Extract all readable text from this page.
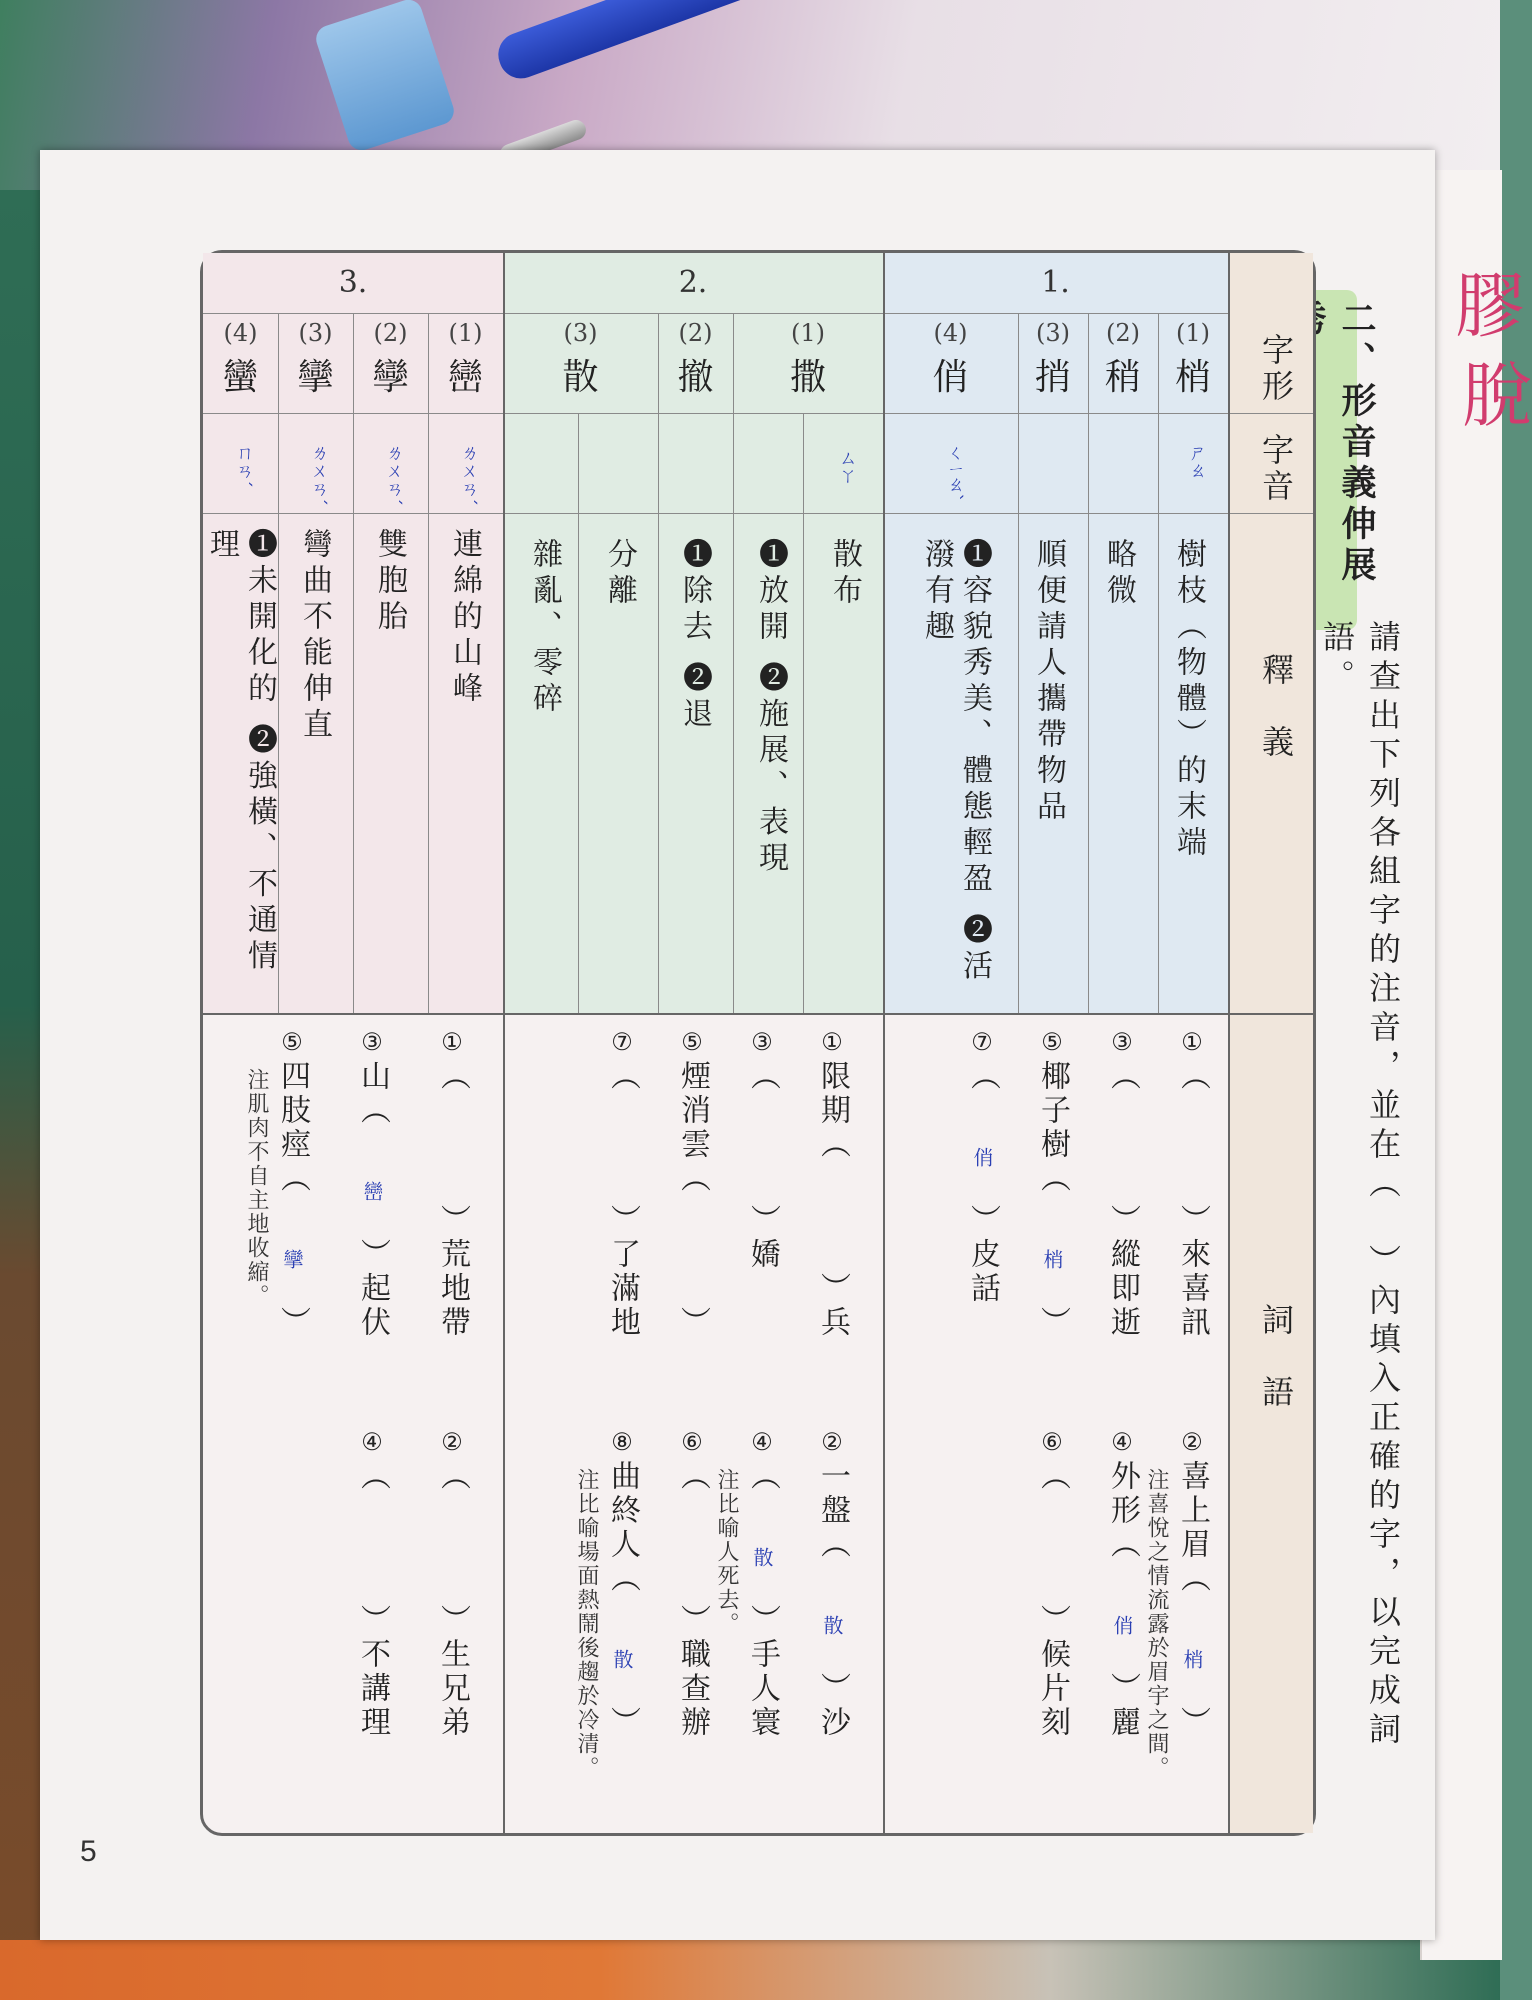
膠
脫
5
二、形音義伸展
請查出下列各組字的注音，並在（　）內填入正確的字，以完成詞語。
字形
字音
釋　義
詞　語
1.
2.
3.
(1)
梢
(2)
稍
(3)
捎
(4)
俏
ㄕㄠ
ㄑㄧㄠˋ
樹枝（物體）的末端
略微
順便請人攜帶物品
❶容貌秀美、體態輕盈 ❷活潑有趣
(1)
撒
(2)
撤
(3)
散
ㄙㄚ
散布
❶放開 ❷施展、表現
❶除去 ❷退
分離
雜亂、零碎
(1)
巒
(2)
孿
(3)
攣
(4)
蠻
ㄌㄨㄢˊ
ㄌㄨㄢˊ
ㄌㄨㄢˊ
ㄇㄢˊ
連綿的山峰
雙胞胎
彎曲不能伸直
❶未開化的 ❷強橫、不通情理
①（）來喜訊
②喜上眉（梢）
注喜悅之情流露於眉宇之間。
③（）縱即逝
④外形（俏）麗
⑤椰子樹（梢）
⑥（）候片刻
⑦（俏）皮話
①限期（）兵
②一盤（散）沙
③（）嬌
④（散）手人寰
注比喻人死去。
⑤煙消雲（）
⑥（）職查辦
⑦（）了滿地
⑧曲終人（散）
注比喻場面熱鬧後趨於冷清。
①（）荒地帶
②（）生兄弟
③山（巒）起伏
④（）不講理
⑤四肢痙（攣）
注肌肉不自主地收縮。
